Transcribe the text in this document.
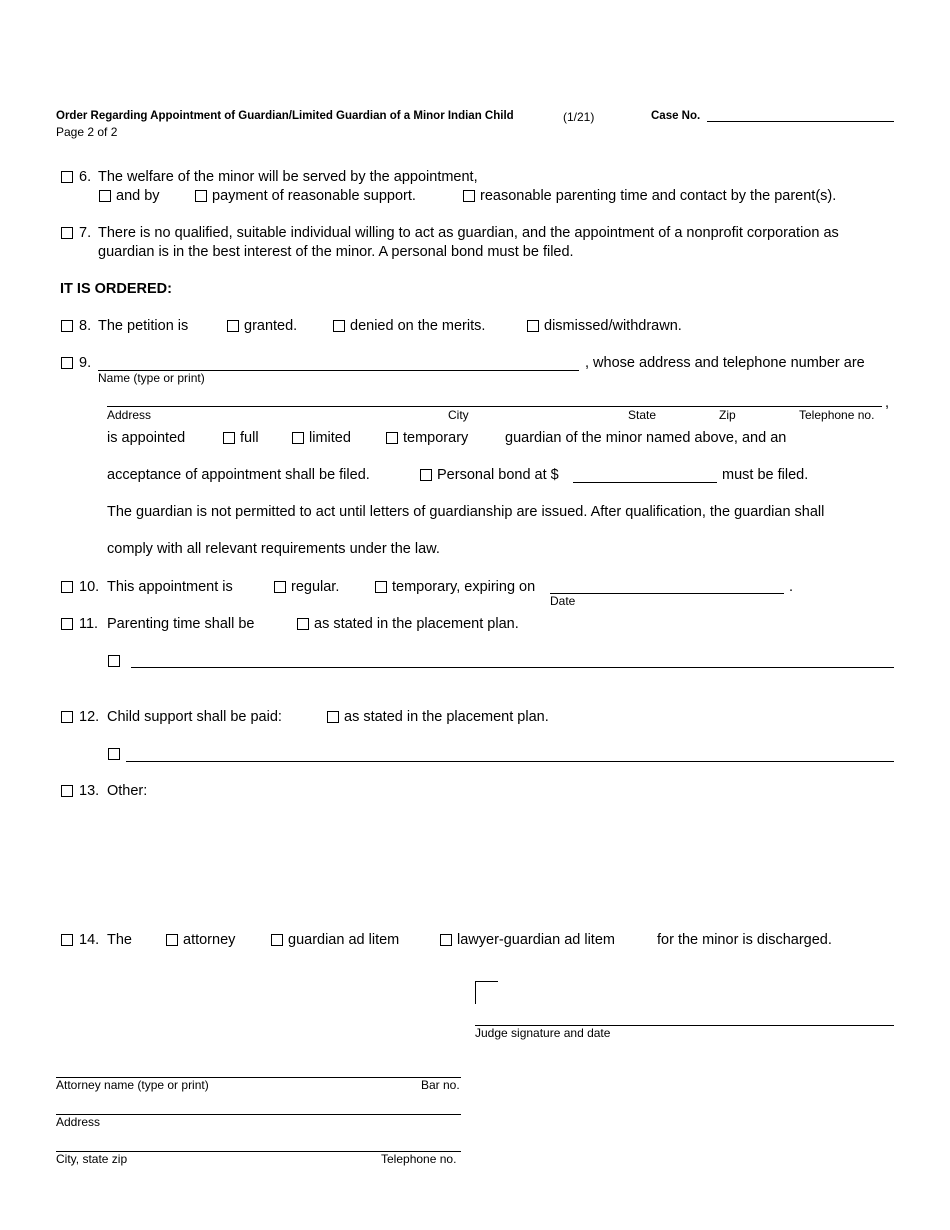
Order Regarding Appointment of Guardian/Limited Guardian of a Minor Indian Child	(1/21)	Case No.
Page 2 of 2
6. The welfare of the minor will be served by the appointment,
and by	payment of reasonable support.	reasonable parenting time and contact by the parent(s).
7. There is no qualified, suitable individual willing to act as guardian, and the appointment of a nonprofit corporation as
guardian is in the best interest of the minor. A personal bond must be filed.
IT IS ORDERED:
8. The petition is	granted.	denied on the merits.	dismissed/withdrawn.
9.	, whose address and telephone number are
Name (type or print)
,
Address	City	State	Zip	Telephone no.
is appointed	full	limited	temporary	guardian of the minor named above, and an
acceptance of appointment shall be filed.	Personal bond at $	must be filed.
The guardian is not permitted to act until letters of guardianship are issued. After qualification, the guardian shall
comply with all relevant requirements under the law.
10. This appointment is	regular.	temporary, expiring on	.
Date
11. Parenting time shall be	as stated in the placement plan.
12. Child support shall be paid:	as stated in the placement plan.
13. Other:
14. The	attorney	guardian ad litem	lawyer-guardian ad litem	for the minor is discharged.
Judge signature and date
Attorney name (type or print)	Bar no.
Address
City, state zip	Telephone no.
